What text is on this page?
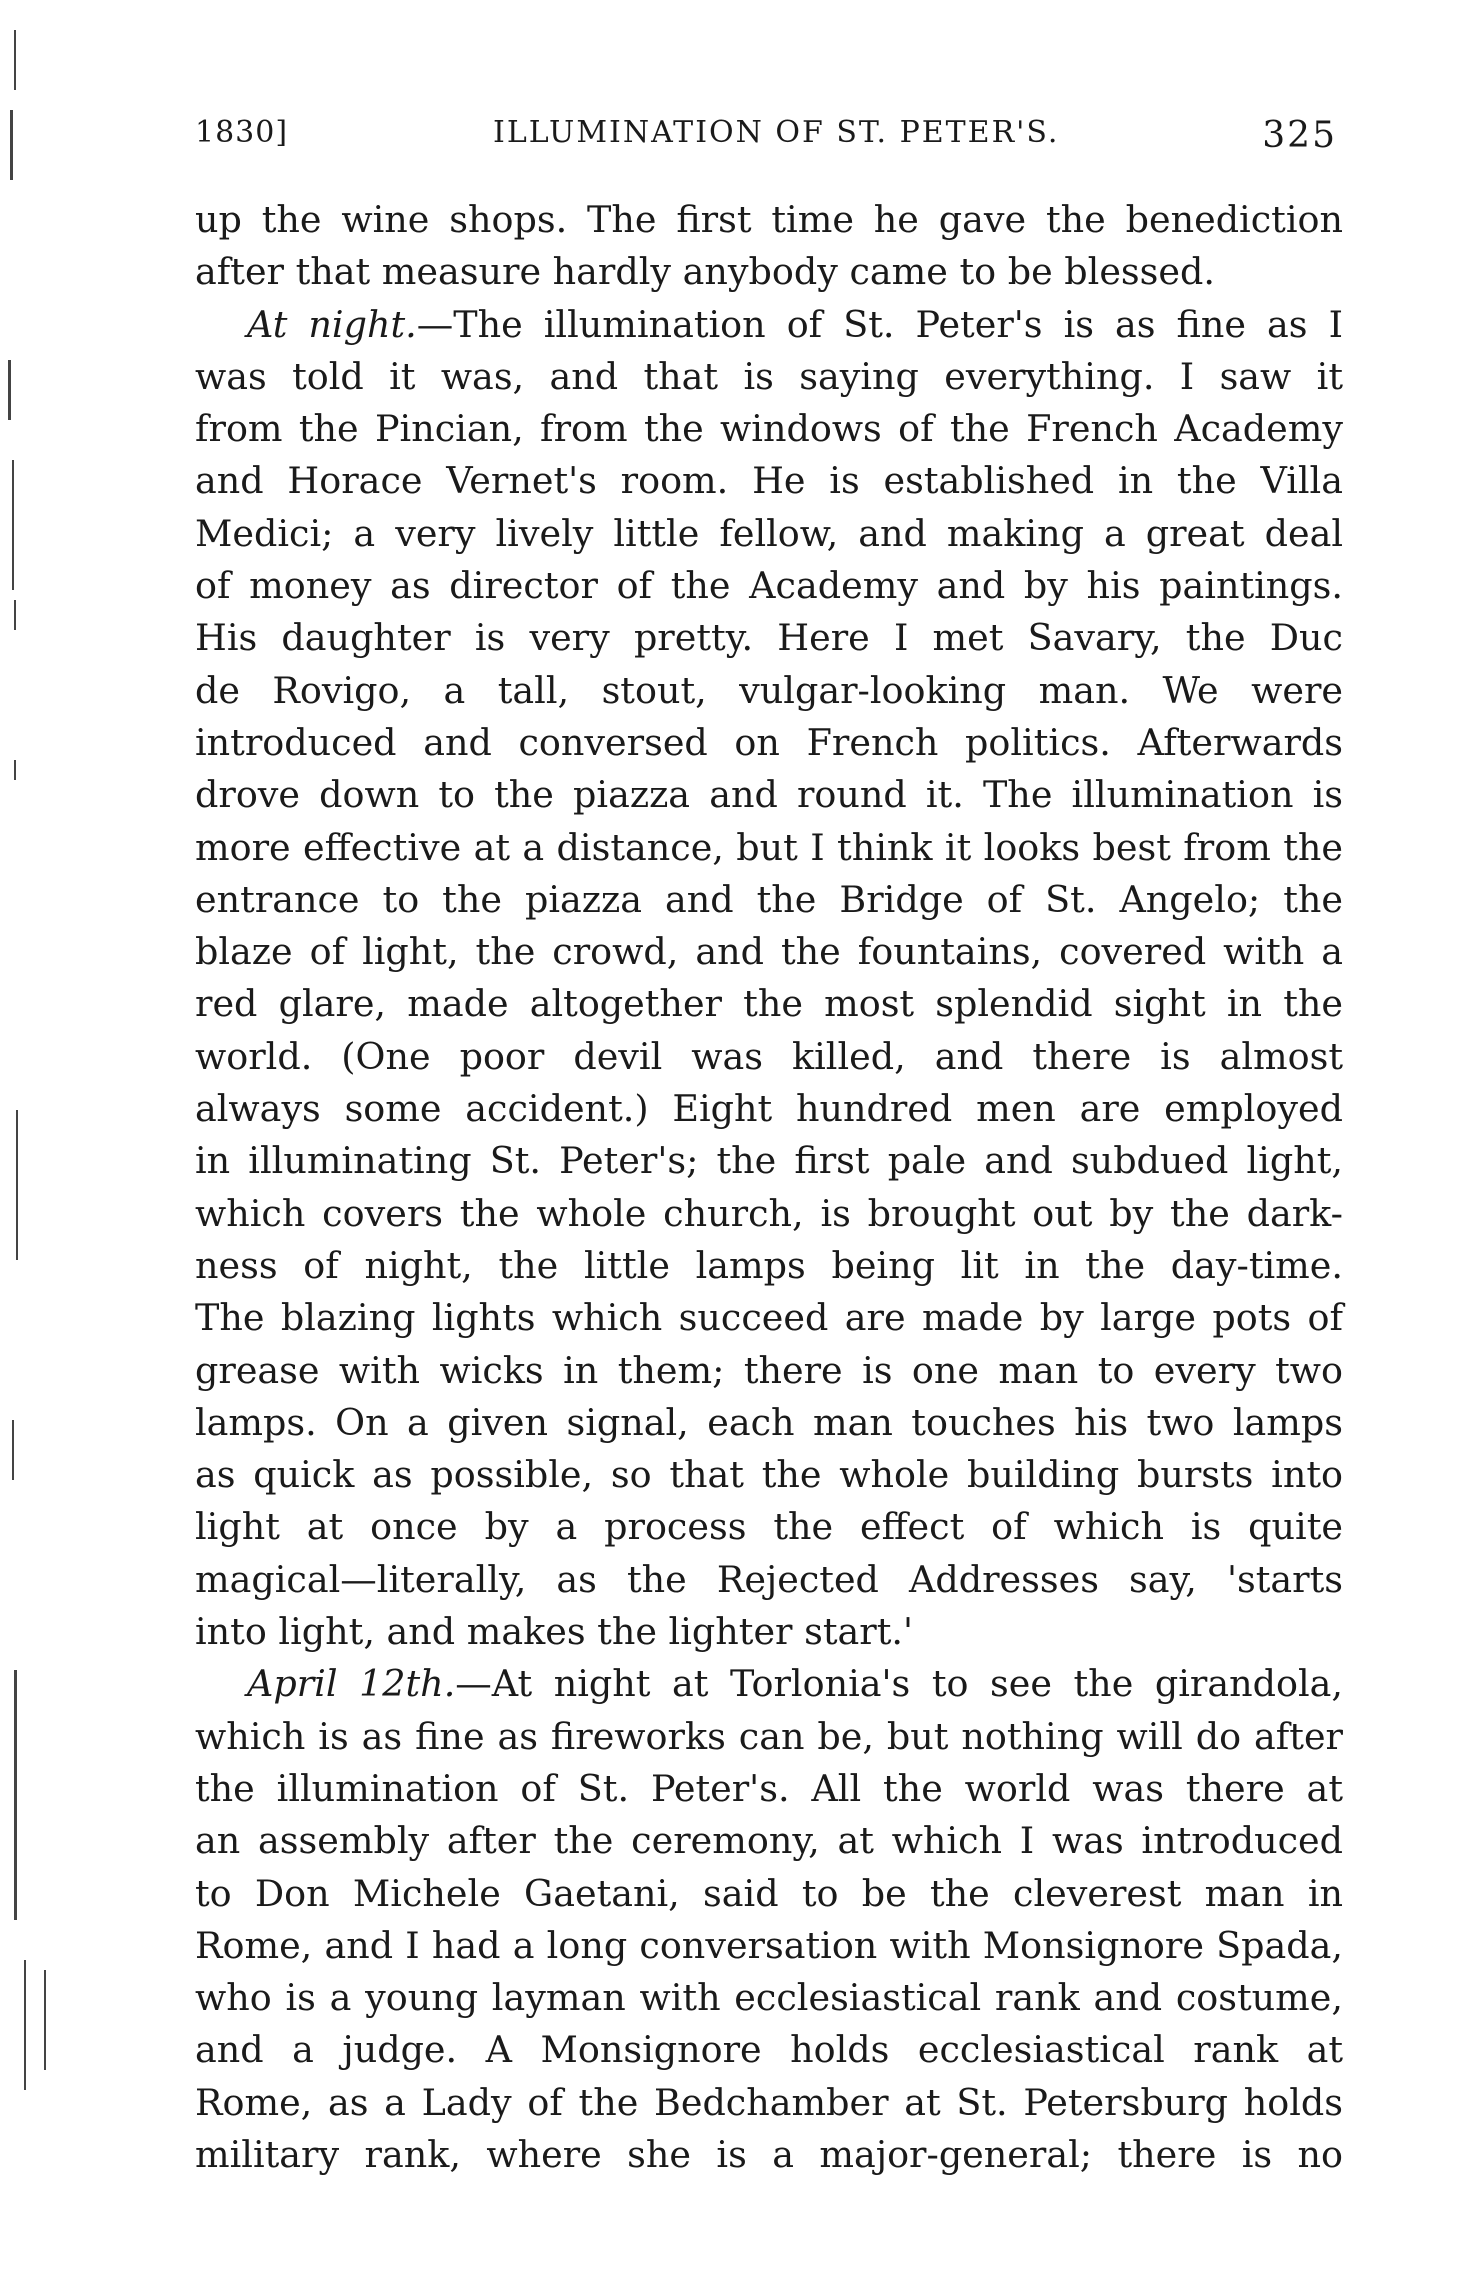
1830]	ILLUMINATION OF ST. PETER'S.	325
up the wine shops. The first time he gave the benediction
after that measure hardly anybody came to be blessed.
At night.—The illumination of St. Peter's is as fine as I
was told it was, and that is saying everything. I saw it
from the Pincian, from the windows of the French Academy
and Horace Vernet's room. He is established in the Villa
Medici; a very lively little fellow, and making a great deal
of money as director of the Academy and by his paintings.
His daughter is very pretty. Here I met Savary, the Duc
de Rovigo, a tall, stout, vulgar-looking man. We were
introduced and conversed on French politics. Afterwards
drove down to the piazza and round it. The illumination is
more effective at a distance, but I think it looks best from the
entrance to the piazza and the Bridge of St. Angelo; the
blaze of light, the crowd, and the fountains, covered with a
red glare, made altogether the most splendid sight in the
world. (One poor devil was killed, and there is almost
always some accident.) Eight hundred men are employed
in illuminating St. Peter's; the first pale and subdued light,
which covers the whole church, is brought out by the dark-
ness of night, the little lamps being lit in the day-time.
The blazing lights which succeed are made by large pots of
grease with wicks in them; there is one man to every two
lamps. On a given signal, each man touches his two lamps
as quick as possible, so that the whole building bursts into
light at once by a process the effect of which is quite
magical—literally, as the Rejected Addresses say, 'starts
into light, and makes the lighter start.'
April 12th.—At night at Torlonia's to see the girandola,
which is as fine as fireworks can be, but nothing will do after
the illumination of St. Peter's. All the world was there at
an assembly after the ceremony, at which I was introduced
to Don Michele Gaetani, said to be the cleverest man in
Rome, and I had a long conversation with Monsignore Spada,
who is a young layman with ecclesiastical rank and costume,
and a judge. A Monsignore holds ecclesiastical rank at
Rome, as a Lady of the Bedchamber at St. Petersburg holds
military rank, where she is a major-general; there is no
